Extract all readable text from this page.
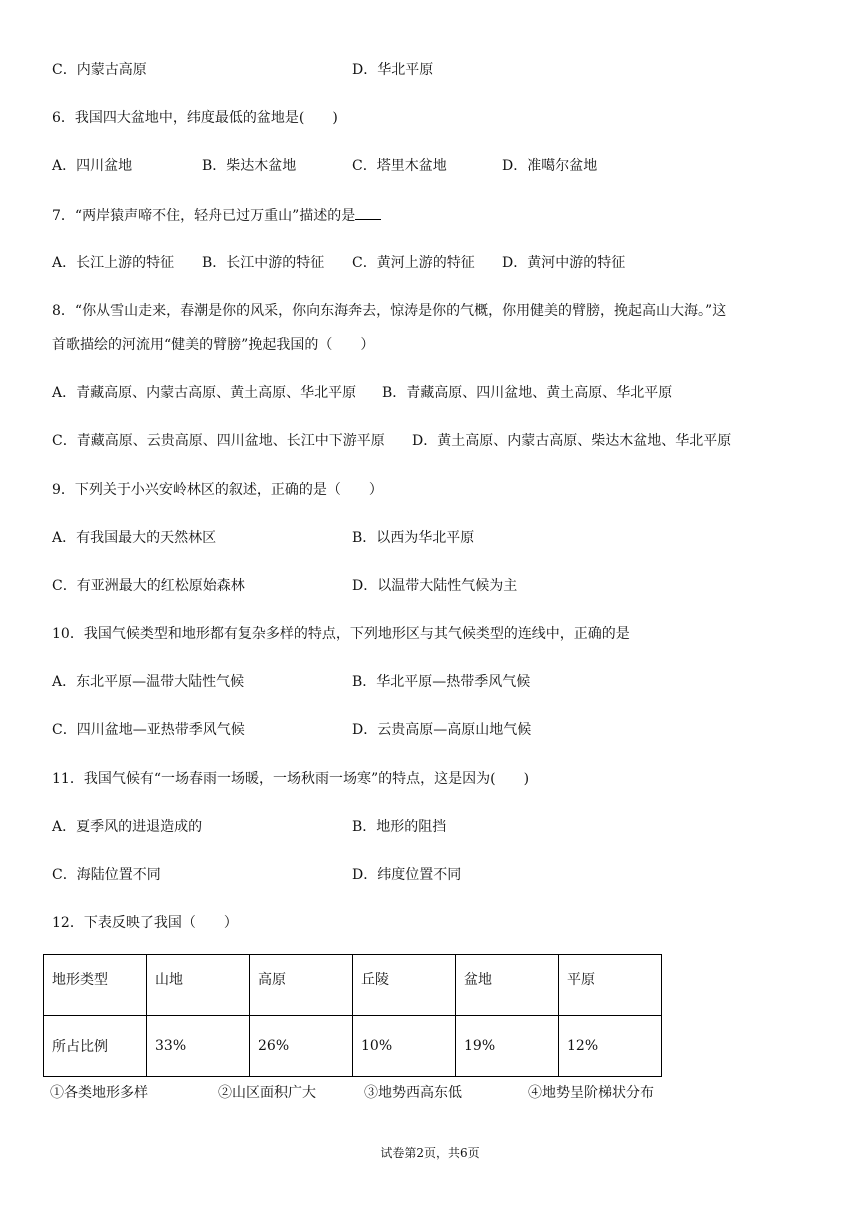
C．内蒙古高原	D．华北平原
6．我国四大盆地中，纬度最低的盆地是(　　)
A．四川盆地	B．柴达木盆地	C．塔里木盆地	D．准噶尔盆地
7．“两岸猿声啼不住，轻舟已过万重山”描述的是
A．长江上游的特征 B．长江中游的特征 C．黄河上游的特征 D．黄河中游的特征
8．“你从雪山走来，春潮是你的风采，你向东海奔去，惊涛是你的气概，你用健美的臂膀，挽起高山大海。”这
首歌描绘的河流用“健美的臂膀”挽起我国的（　　）
A．青藏高原、内蒙古高原、黄土高原、华北平原 B．青藏高原、四川盆地、黄土高原、华北平原
C．青藏高原、云贵高原、四川盆地、长江中下游平原 D．黄土高原、内蒙古高原、柴达木盆地、华北平原
9．下列关于小兴安岭林区的叙述，正确的是（　　）
A．有我国最大的天然林区	B．以西为华北平原
C．有亚洲最大的红松原始森林	D．以温带大陆性气候为主
10．我国气候类型和地形都有复杂多样的特点，下列地形区与其气候类型的连线中，正确的是
A．东北平原—温带大陆性气候	B．华北平原—热带季风气候
C．四川盆地—亚热带季风气候	D．云贵高原—高原山地气候
11．我国气候有“一场春雨一场暖，一场秋雨一场寒”的特点，这是因为(　　)
A．夏季风的进退造成的	B．地形的阻挡
C．海陆位置不同	D．纬度位置不同
12．下表反映了我国（　　）
地形类型	山地	高原	丘陵	盆地	平原
所占比例	33%	26%	10%	19%	12%
①各类地形多样	②山区面积广大	③地势西高东低	④地势呈阶梯状分布
试卷第2页，共6页
